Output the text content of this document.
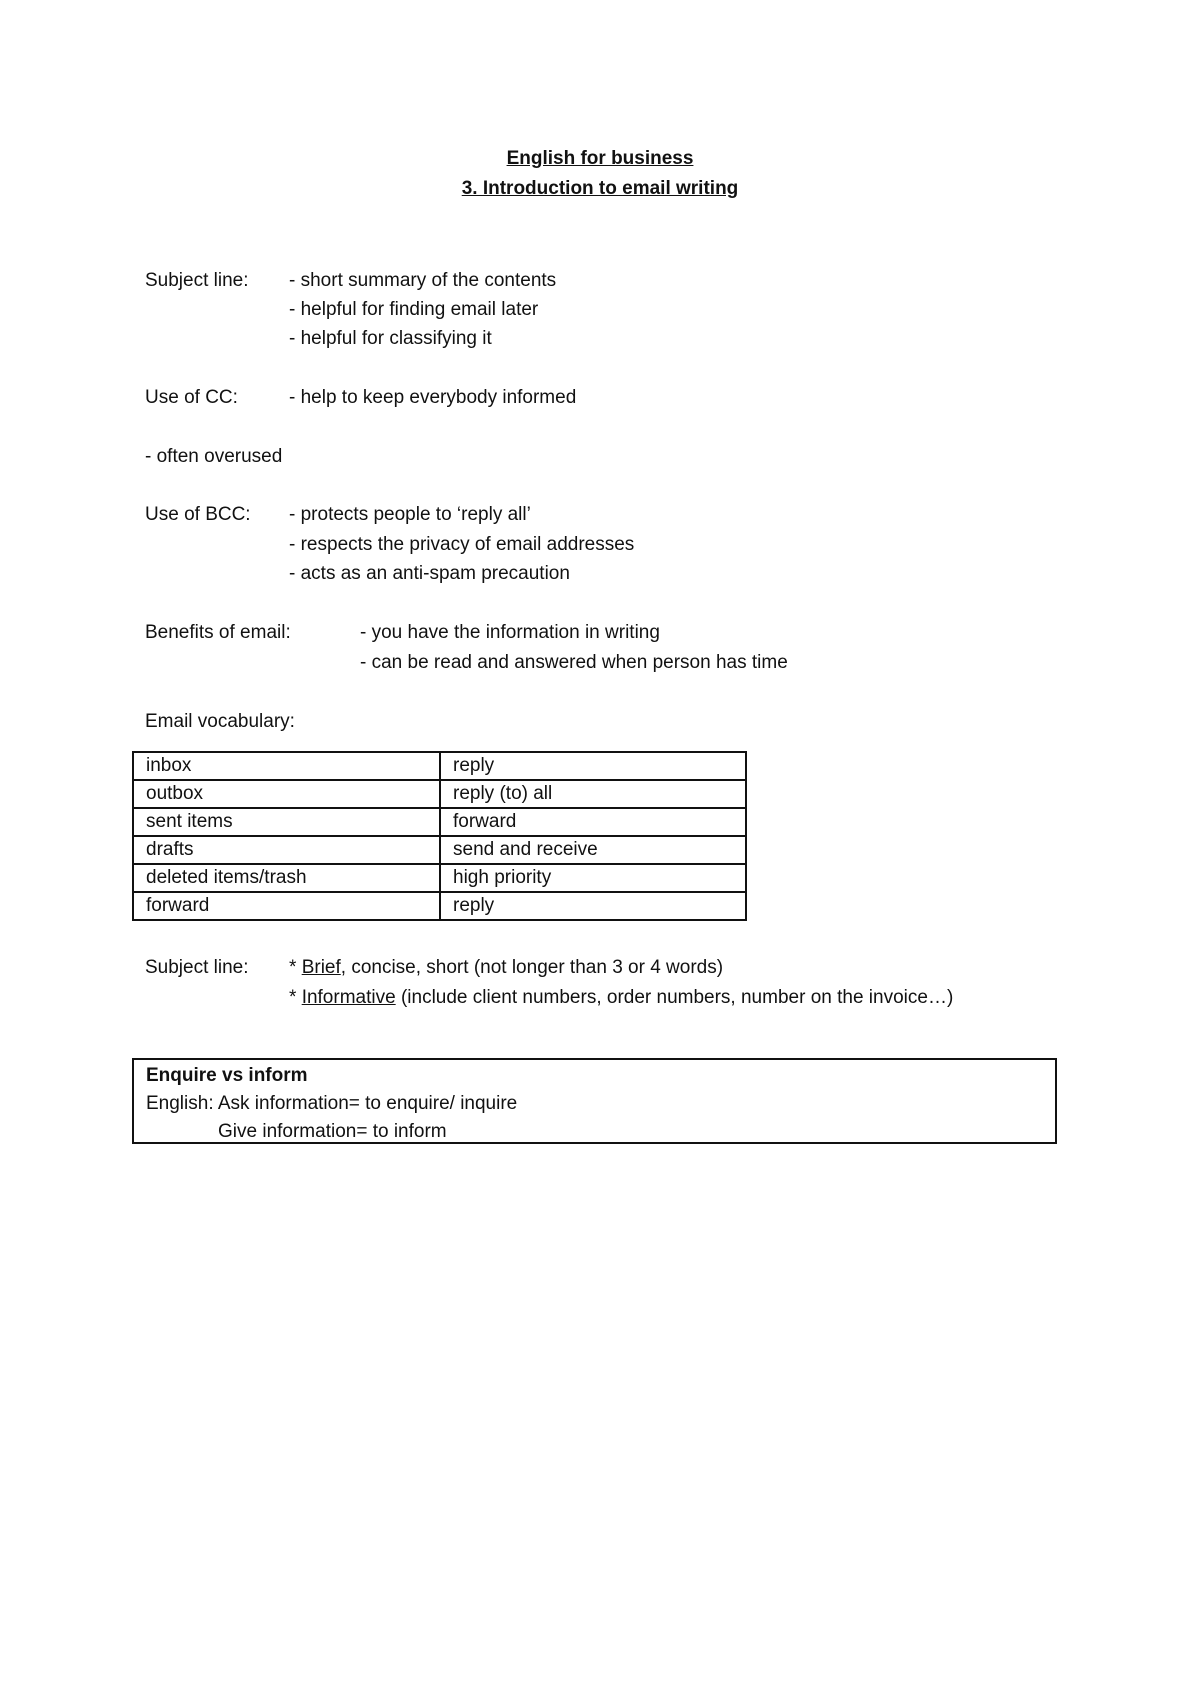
English for business
3. Introduction to email writing
Subject line: - short summary of the contents
- helpful for finding email later
- helpful for classifying it
Use of CC:	- help to keep everybody informed
- often overused
Use of BCC: - protects people to ‘reply all’
- respects the privacy of email addresses
- acts as an anti-spam precaution
Benefits of email:	- you have the information in writing
- can be read and answered when person has time
Email vocabulary:
inbox	reply
outbox	reply (to) all
sent items	forward
drafts	send and receive
deleted items/trash	high priority
forward	reply
Subject line: * Brief, concise, short (not longer than 3 or 4 words)
* Informative (include client numbers, order numbers, number on the invoice…)
Enquire vs inform
English: Ask information= to enquire/ inquire
Give information= to inform
